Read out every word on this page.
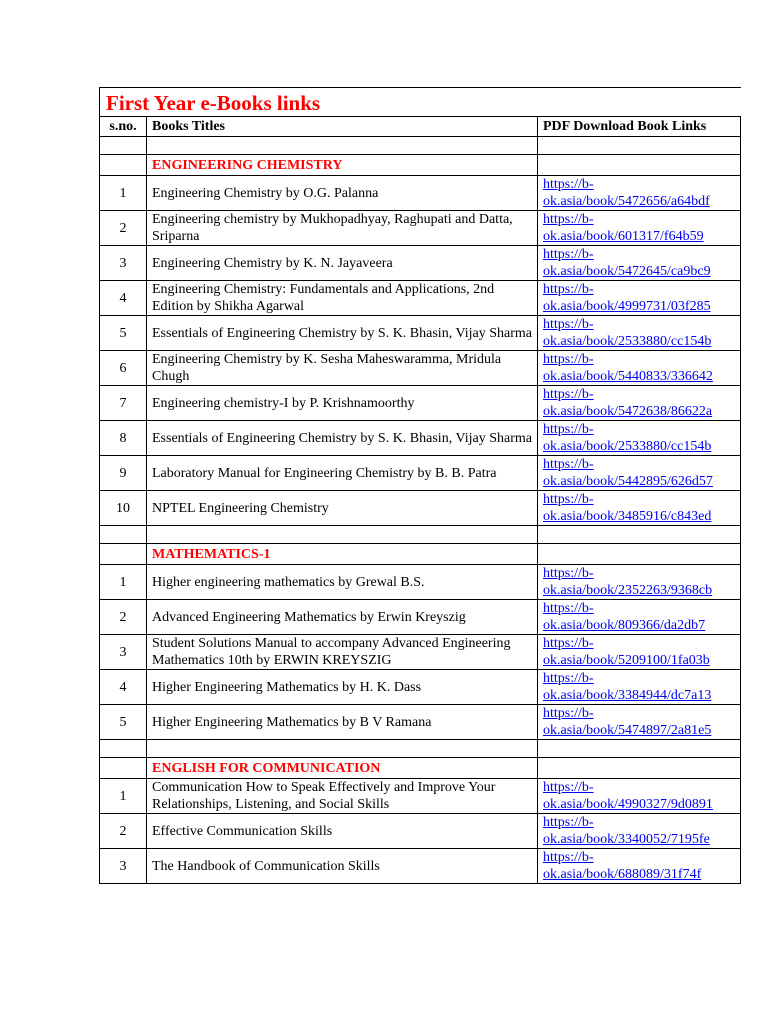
First Year e-Books links		
s.no.	Books Titles	PDF Download Book Links

	ENGINEERING CHEMISTRY	
1	Engineering Chemistry by O.G. Palanna	https://b-
ok.asia/book/5472656/a64bdf

2	Engineering chemistry by Mukhopadhyay, Raghupati and Datta, Sriparna	https://b-
ok.asia/book/601317/f64b59

3	Engineering Chemistry by K. N. Jayaveera	https://b-
ok.asia/book/5472645/ca9bc9

4	Engineering Chemistry: Fundamentals and Applications, 2nd Edition by Shikha Agarwal	https://b-
ok.asia/book/4999731/03f285

5	Essentials of Engineering Chemistry by S. K. Bhasin, Vijay Sharma	https://b-
ok.asia/book/2533880/cc154b

6	Engineering Chemistry by K. Sesha Maheswaramma, Mridula Chugh	https://b-
ok.asia/book/5440833/336642

7	Engineering chemistry-I by P. Krishnamoorthy	https://b-
ok.asia/book/5472638/86622a

8	Essentials of Engineering Chemistry by S. K. Bhasin, Vijay Sharma	https://b-
ok.asia/book/2533880/cc154b

9	Laboratory Manual for Engineering Chemistry by B. B. Patra	https://b-
ok.asia/book/5442895/626d57

10	NPTEL Engineering Chemistry	https://b-
ok.asia/book/3485916/c843ed

	MATHEMATICS-1	
1	Higher engineering mathematics by Grewal B.S.	https://b-
ok.asia/book/2352263/9368cb

2	Advanced Engineering Mathematics by Erwin Kreyszig	https://b-
ok.asia/book/809366/da2db7

3	Student Solutions Manual to accompany Advanced Engineering Mathematics 10th by ERWIN KREYSZIG	https://b-
ok.asia/book/5209100/1fa03b

4	Higher Engineering Mathematics by H. K. Dass	https://b-
ok.asia/book/3384944/dc7a13

5	Higher Engineering Mathematics by B V Ramana	https://b-
ok.asia/book/5474897/2a81e5

	ENGLISH FOR COMMUNICATION	
1	Communication How to Speak Effectively and Improve Your Relationships, Listening, and Social Skills	https://b-
ok.asia/book/4990327/9d0891

2	Effective Communication Skills	https://b-
ok.asia/book/3340052/7195fe

3	The Handbook of Communication Skills	https://b-
ok.asia/book/688089/31f74f
